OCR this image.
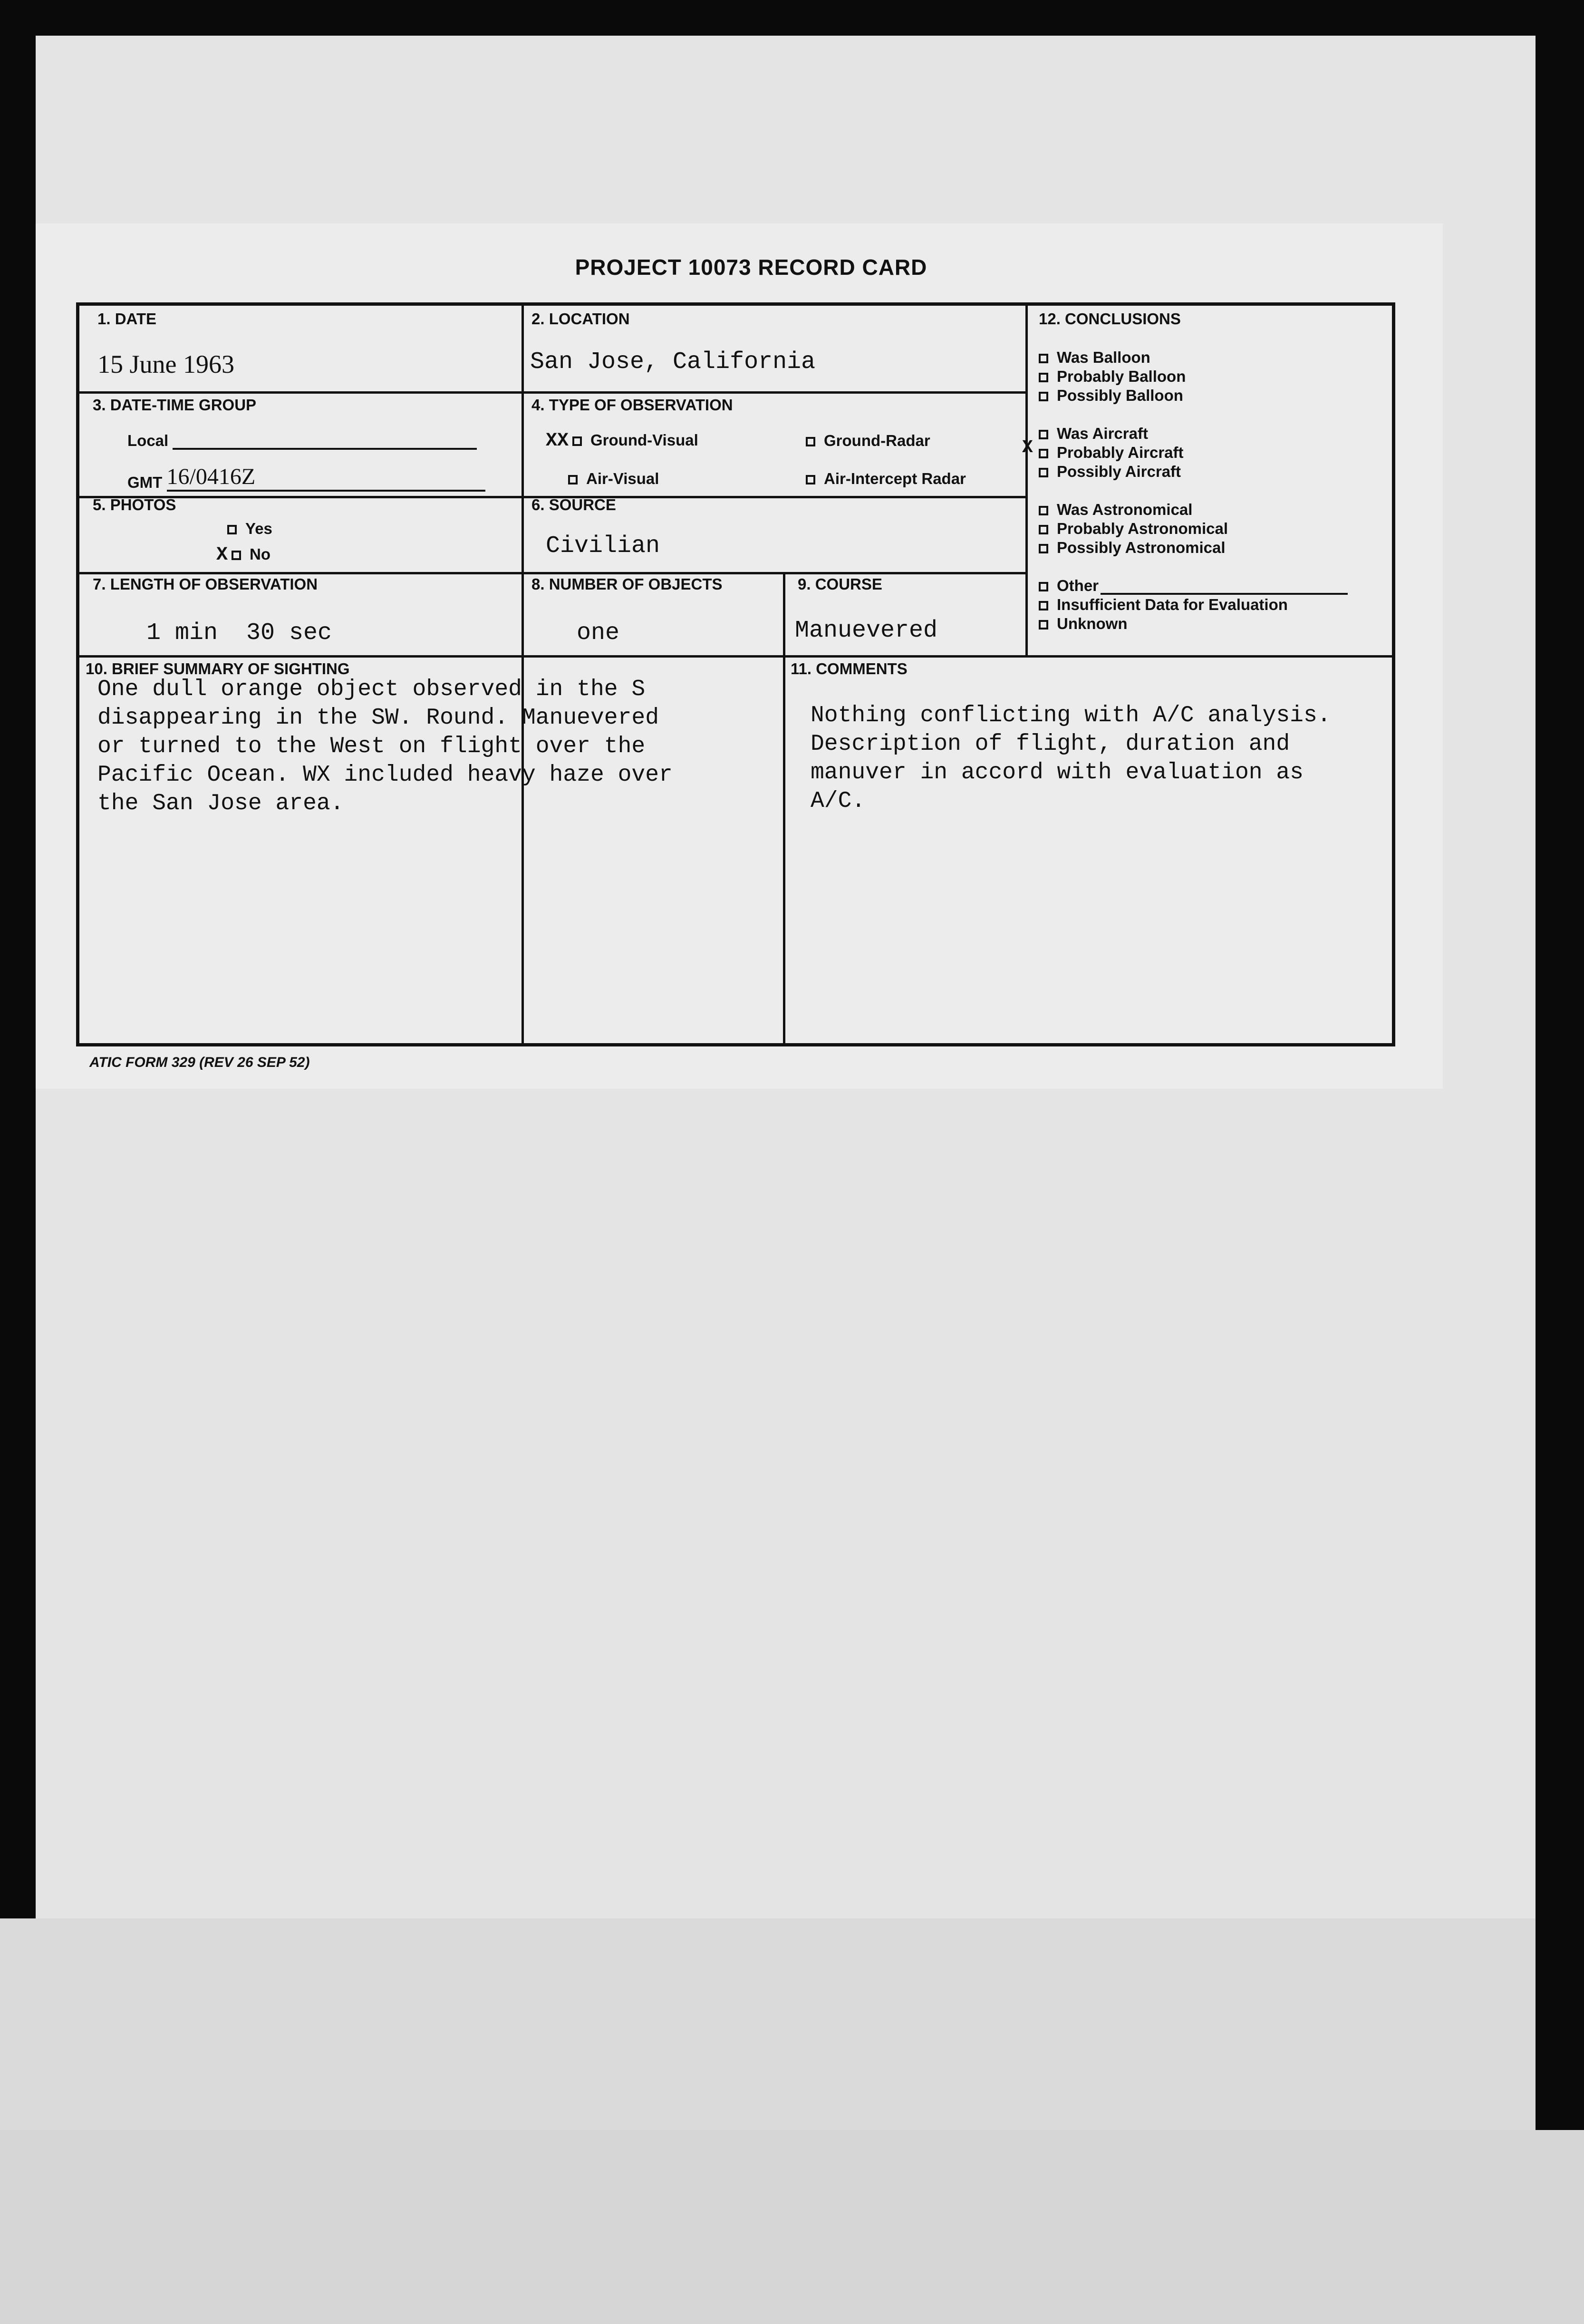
PROJECT 10073 RECORD CARD
1. DATE
15 June 1963
2. LOCATION
San Jose, California
3. DATE-TIME GROUP
Local
GMT 16/0416Z
4. TYPE OF OBSERVATION
XX Ground-Visual	Ground-Radar
Air-Visual	Air-Intercept Radar
5. PHOTOS
Yes
X No
6. SOURCE
Civilian
7. LENGTH OF OBSERVATION
1 min  30 sec
8. NUMBER OF OBJECTS
one
9. COURSE
Manuevered
12. CONCLUSIONS
Was Balloon
Probably Balloon
Possibly Balloon
Was Aircraft
Probably Aircraft
Possibly Aircraft
X
Was Astronomical
Probably Astronomical
Possibly Astronomical
Other
Insufficient Data for Evaluation
Unknown
10. BRIEF SUMMARY OF SIGHTING
One dull orange object observed in the S
disappearing in the SW. Round. Manuevered
or turned to the West on flight over the
Pacific Ocean. WX included heavy haze over
the San Jose area.
11. COMMENTS
Nothing conflicting with A/C analysis.
Description of flight, duration and
manuver in accord with evaluation as
A/C.
ATIC FORM 329 (REV 26 SEP 52)
